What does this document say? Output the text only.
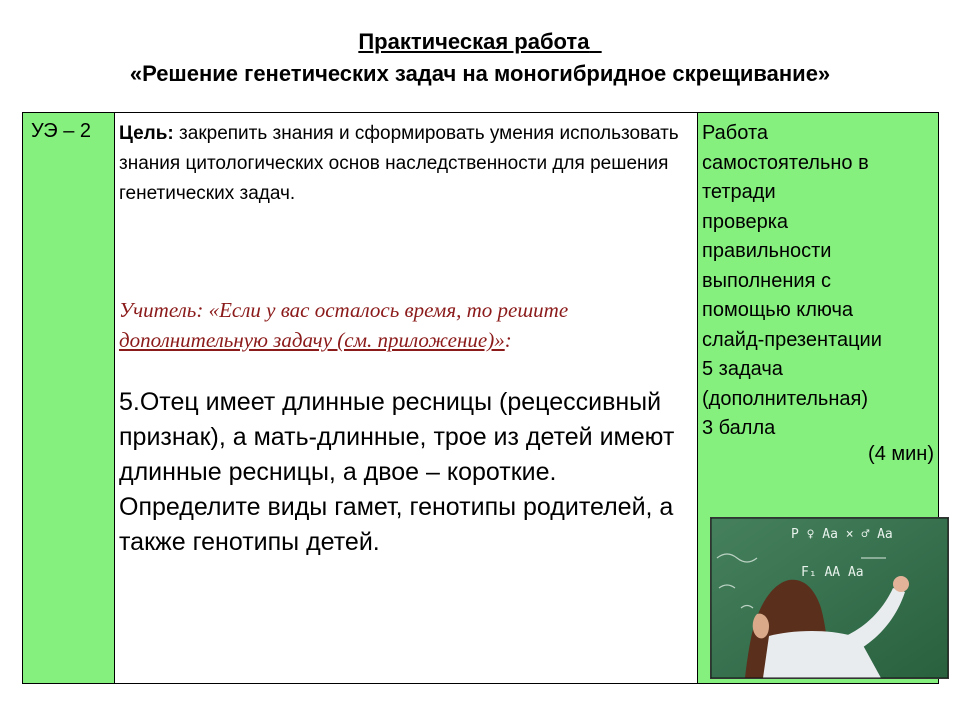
Практическая работа
«Решение генетических задач на моногибридное скрещивание»
УЭ – 2 Цель: закрепить знания и сформировать умения использовать знания цитологических основ наследственности для решения генетических задач.
Учитель: «Если у вас осталось время, то решите дополнительную задачу (см. приложение)»:
5.Отец имеет длинные ресницы (рецессивный признак), а мать-длинные, трое из детей имеют длинные ресницы, а двое – короткие. Определите виды гамет, генотипы родителей, а также генотипы детей.
Работа
самостоятельно в
тетради
проверка
правильности
выполнения с
помощью ключа
слайд-презентации
5 задача
(дополнительная)
3 балла
(4 мин)
P ♀ Aa × ♂ Aa
F₁ AA Aa
